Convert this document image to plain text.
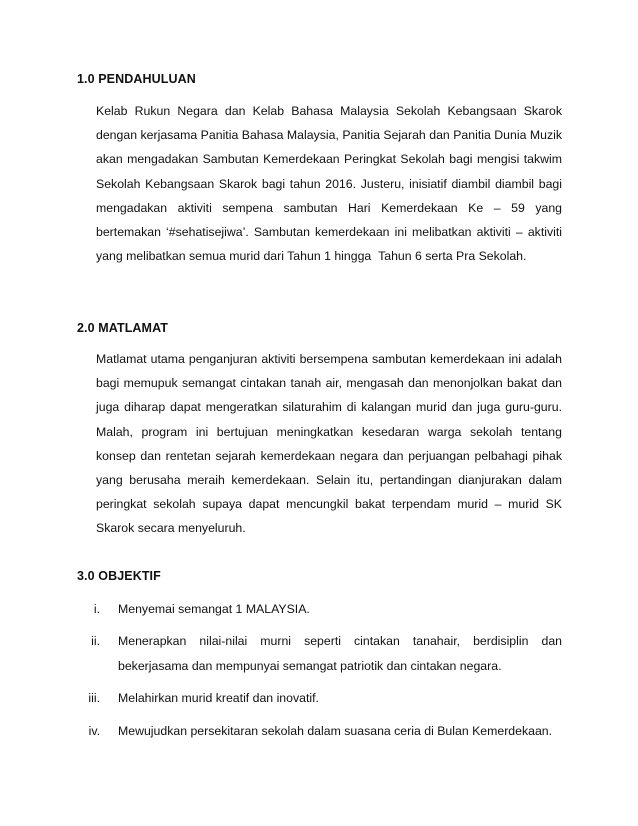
1.0 PENDAHULUAN
Kelab Rukun Negara dan Kelab Bahasa Malaysia Sekolah Kebangsaan Skarok dengan kerjasama Panitia Bahasa Malaysia, Panitia Sejarah dan Panitia Dunia Muzik akan mengadakan Sambutan Kemerdekaan Peringkat Sekolah bagi mengisi takwim Sekolah Kebangsaan Skarok bagi tahun 2016. Justeru, inisiatif diambil diambil bagi mengadakan aktiviti sempena sambutan Hari Kemerdekaan Ke – 59 yang bertemakan ‘#sehatisejiwa’. Sambutan kemerdekaan ini melibatkan aktiviti – aktiviti yang melibatkan semua murid dari Tahun 1 hingga  Tahun 6 serta Pra Sekolah.
2.0 MATLAMAT
Matlamat utama penganjuran aktiviti bersempena sambutan kemerdekaan ini adalah bagi memupuk semangat cintakan tanah air, mengasah dan menonjolkan bakat dan juga diharap dapat mengeratkan silaturahim di kalangan murid dan juga guru-guru. Malah, program ini bertujuan meningkatkan kesedaran warga sekolah tentang konsep dan rentetan sejarah kemerdekaan negara dan perjuangan pelbahagi pihak yang berusaha meraih kemerdekaan. Selain itu, pertandingan dianjurakan dalam peringkat sekolah supaya dapat mencungkil bakat terpendam murid – murid SK Skarok secara menyeluruh.
3.0 OBJEKTIF
i. Menyemai semangat 1 MALAYSIA.
ii. Menerapkan nilai-nilai murni seperti cintakan tanahair, berdisiplin dan bekerjasama dan mempunyai semangat patriotik dan cintakan negara.
iii. Melahirkan murid kreatif dan inovatif.
iv. Mewujudkan persekitaran sekolah dalam suasana ceria di Bulan Kemerdekaan.
